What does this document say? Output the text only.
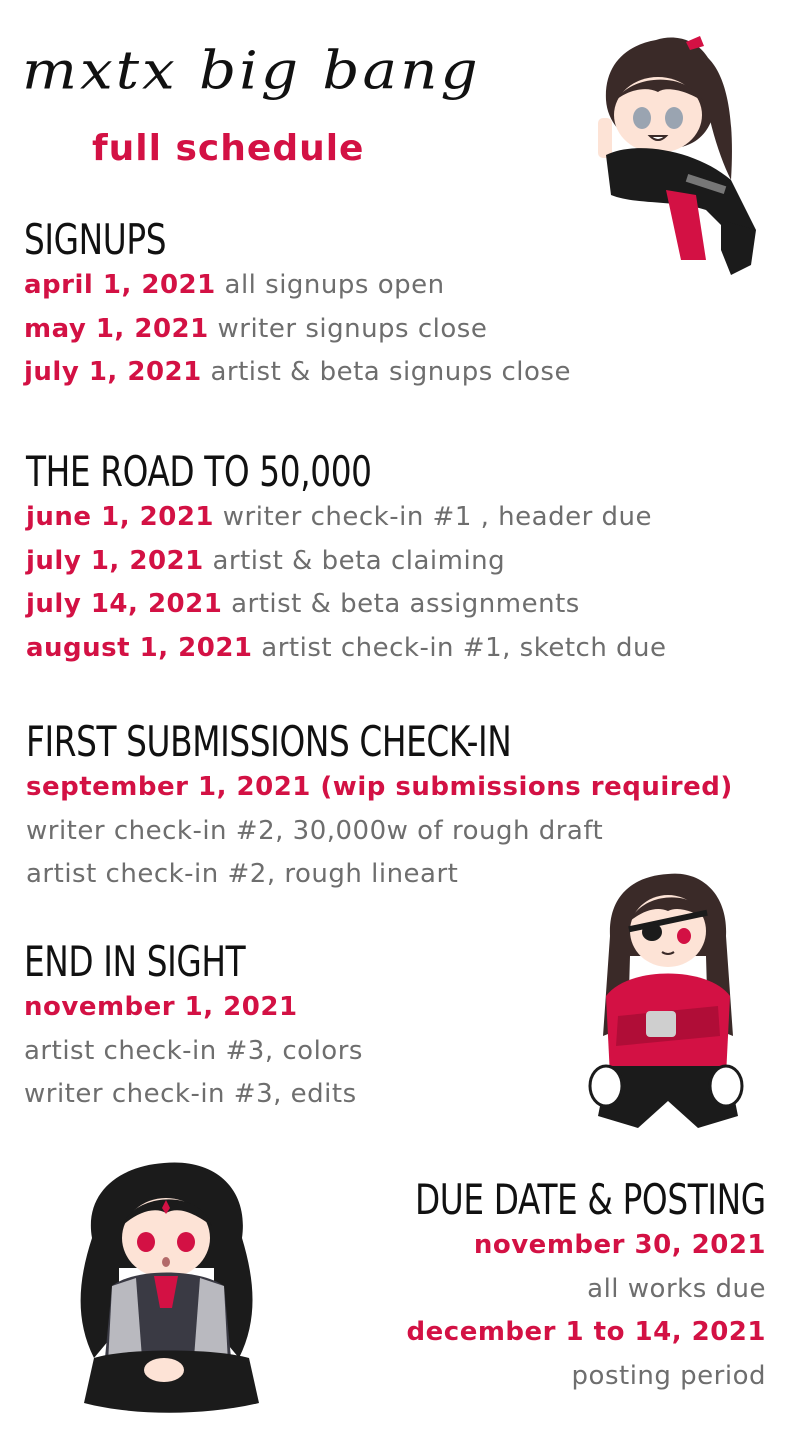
mxtx big bang
full schedule
SIGNUPS
april 1, 2021 all signups open
may 1, 2021 writer signups close
july 1, 2021 artist & beta signups close
THE ROAD TO 50,000
june 1, 2021 writer check-in #1 , header due
july 1, 2021 artist & beta claiming
july 14, 2021 artist & beta assignments
august 1, 2021 artist check-in #1, sketch due
FIRST SUBMISSIONS CHECK-IN
september 1, 2021 (wip submissions required)
writer check-in #2, 30,000w of rough draft
artist check-in #2, rough lineart
END IN SIGHT
november 1, 2021
artist check-in #3, colors
writer check-in #3, edits
DUE DATE & POSTING
november 30, 2021
all works due
december 1 to 14, 2021
posting period
